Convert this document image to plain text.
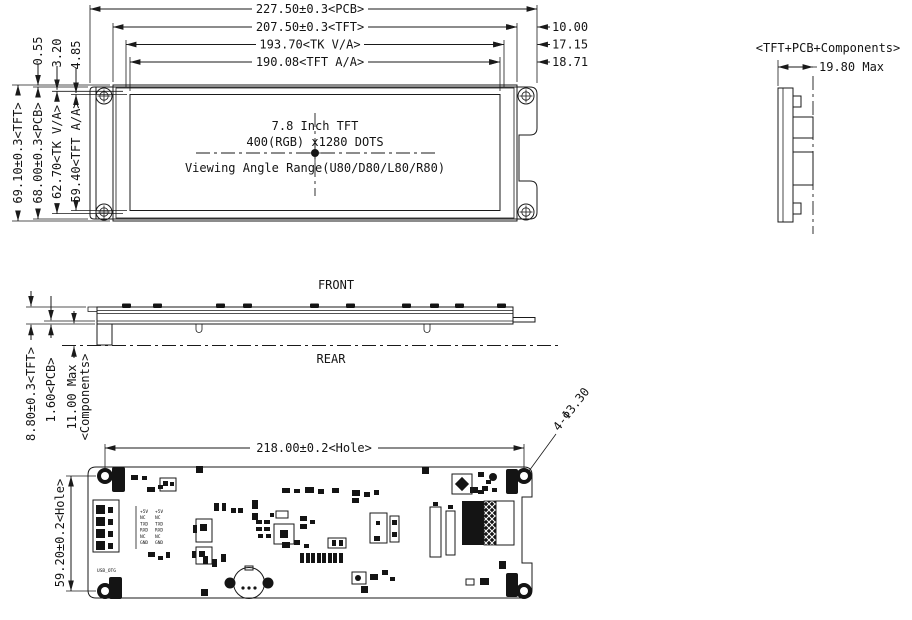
7.8 Inch TFT
400(RGB) x1280 DOTS
Viewing Angle Range(U80/D80/L80/R80)
227.50±0.3<PCB>
207.50±0.3<TFT>
193.70<TK V/A>
190.08<TFT A/A>
10.00
17.15
18.71
69.10±0.3<TFT> 68.00±0.3<PCB> 62.70<TK V/A> 59.40<TFT A/A>
0.55 3.20 4.85	<TFT+PCB+Components>
19.80 Max
FRONT
REAR
8.80±0.3<TFT> 1.60<PCB> 11.00 Max <Components>
218.00±0.2<Hole>
59.20±0.2<Hole>
4-Φ3.30
+5V
NC
TXD
RXD
NC
GND
+5V
NC
TXD
RXD
NC
GND
USB_OTG
